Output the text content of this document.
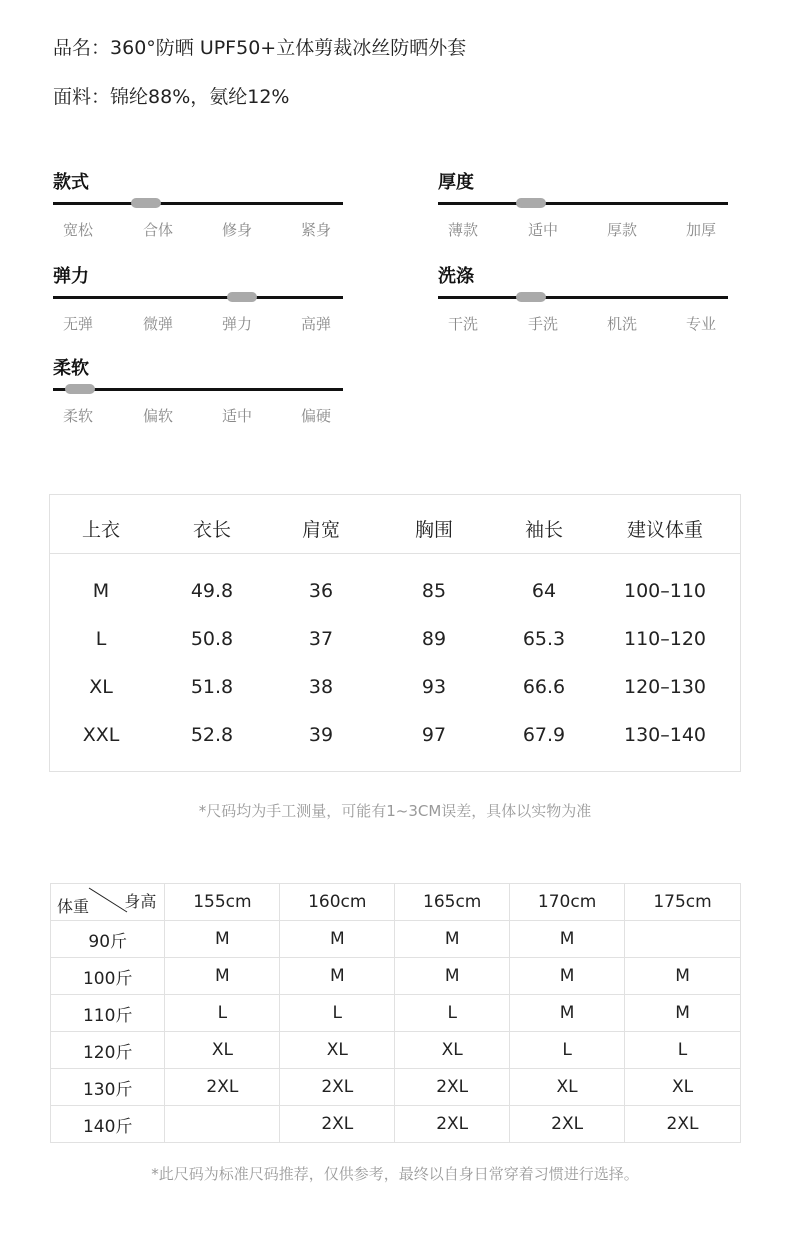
品名：360°防晒 UPF50+立体剪裁冰丝防晒外套
面料：锦纶88%，氨纶12%
款式
宽松	合体	修身	紧身
厚度
薄款	适中	厚款	加厚
弹力
无弹	微弹	弹力	高弹
洗涤
干洗	手洗	机洗	专业
柔软
柔软	偏软	适中	偏硬
上衣	衣长	肩宽	胸围	袖长	建议体重
M	49.8	36	85	64	100–110
L	50.8	37	89	65.3	110–120
XL	51.8	38	93	66.6	120–130
XXL	52.8	39	97	67.9	130–140
*尺码均为手工测量，可能有1~3CM误差，具体以实物为准
身高
体重	155cm	160cm	165cm	170cm	175cm
90斤	M	M	M	M	
100斤	M	M	M	M	M
110斤	L	L	L	M	M
120斤	XL	XL	XL	L	L
130斤	2XL	2XL	2XL	XL	XL
140斤		2XL	2XL	2XL	2XL
*此尺码为标准尺码推荐，仅供参考，最终以自身日常穿着习惯进行选择。
